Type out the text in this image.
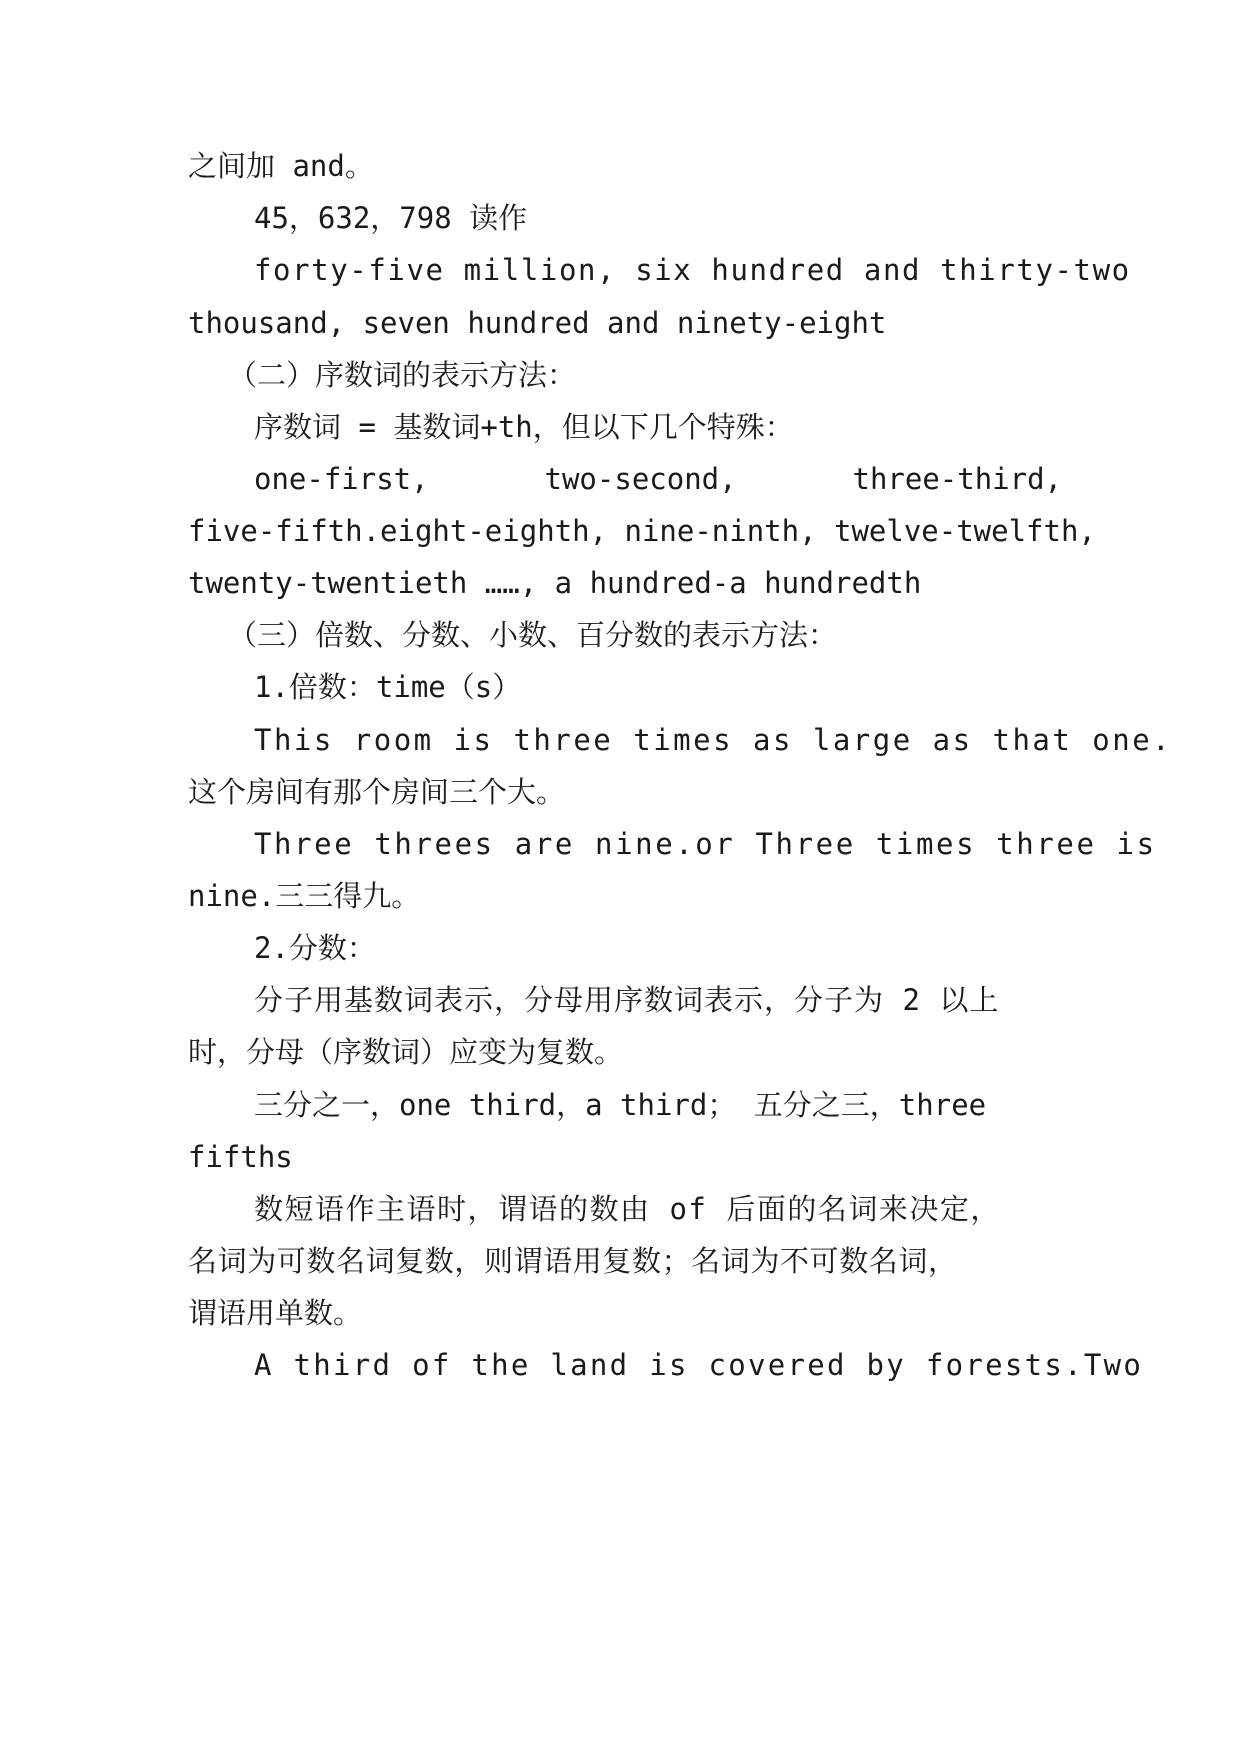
之间加 and。
45，632，798 读作
forty-five million, six hundred and thirty-two
thousand, seven hundred and ninety-eight
（二）序数词的表示方法：
序数词 = 基数词+th，但以下几个特殊：
one-first,	two-second,	three-third,
five-fifth.eight-eighth, nine-ninth, twelve-twelfth,
twenty-twentieth ……, a hundred-a hundredth
（三）倍数、分数、小数、百分数的表示方法：
1.倍数：time（s）
This room is three times as large as that one.
这个房间有那个房间三个大。
Three threes are nine.or Three times three is
nine.三三得九。
2.分数：
分子用基数词表示，分母用序数词表示，分子为 2 以上
时，分母（序数词）应变为复数。
三分之一，one third，a third； 五分之三，three
fifths
数短语作主语时，谓语的数由 of 后面的名词来决定，
名词为可数名词复数，则谓语用复数；名词为不可数名词，
谓语用单数。
A third of the land is covered by forests.Two
